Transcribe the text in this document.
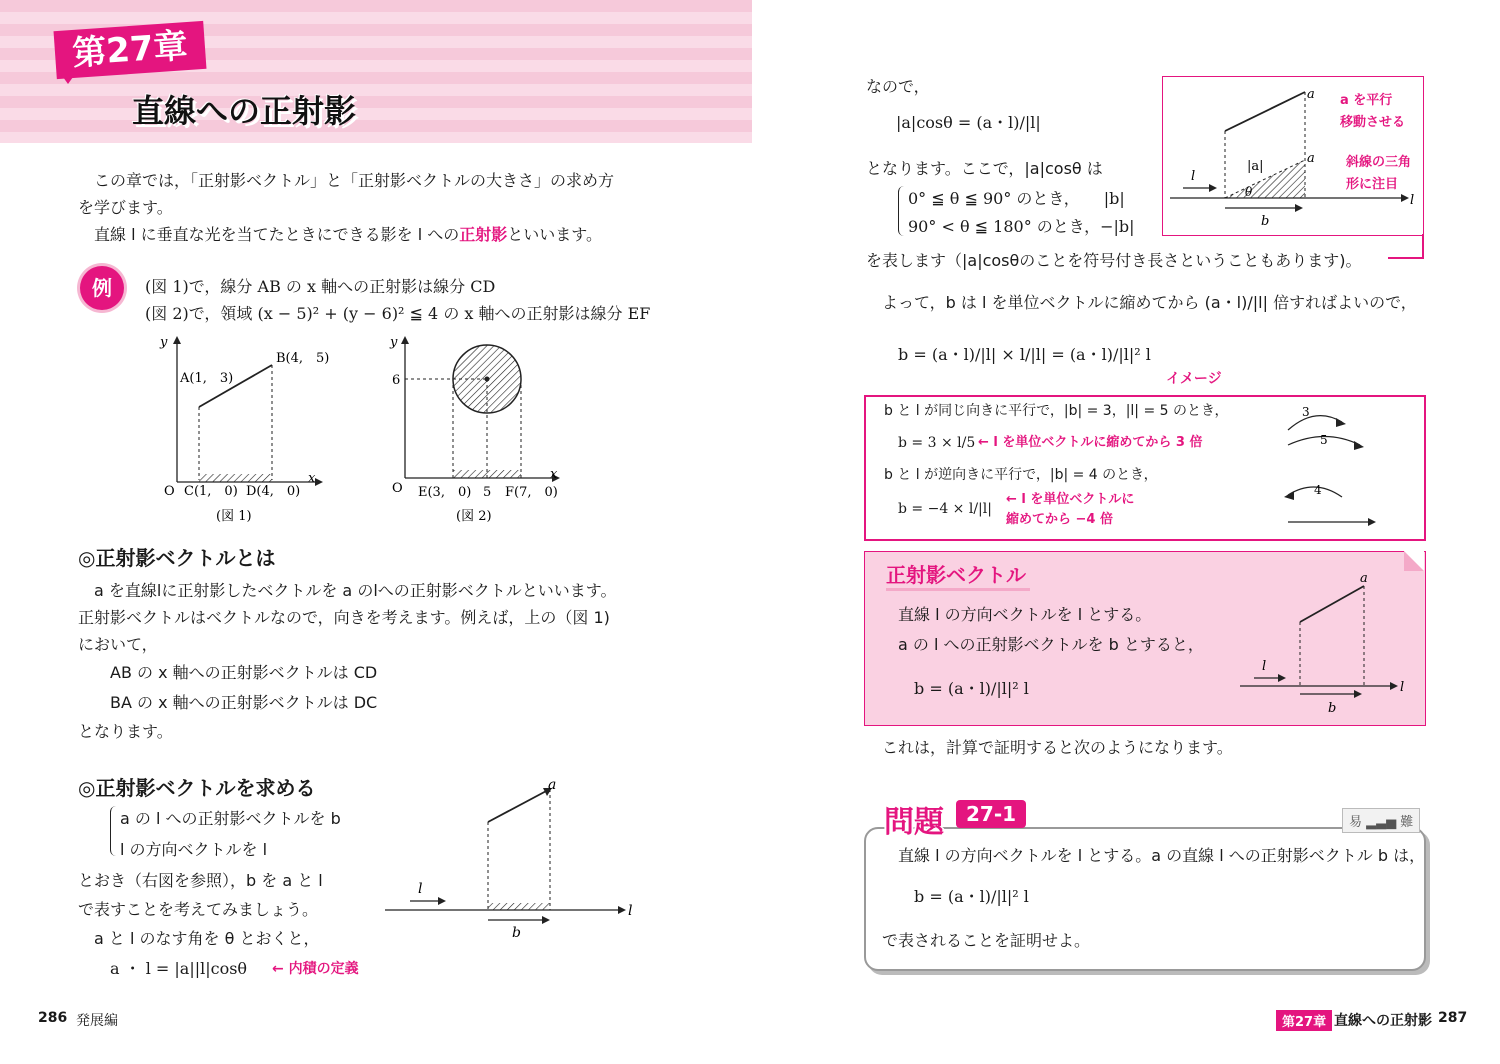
第27章
直線への正射影
この章では，「正射影ベクトル」と「正射影ベクトルの大きさ」の求め方
を学びます。
直線 l に垂直な光を当てたときにできる影を l への正射影といいます。
例	(図 1)で，線分 AB の x 軸への正射影は線分 CD
(図 2)で，領域 (x − 5)² + (y − 6)² ≦ 4 の x 軸への正射影は線分 EF
y
x
O
A(1,　3)
B(4,　5)
C(1,　0) D(4,　0)
(図 1)
y
x
O
6
E(3,　0) 5 F(7,　0)
(図 2)
◎正射影ベクトルとは
a を直線lに正射影したベクトルを a のlへの正射影ベクトルといいます。
正射影ベクトルはベクトルなので，向きを考えます。例えば，上の（図 1)
において，
AB の x 軸への正射影ベクトルは CD
BA の x 軸への正射影ベクトルは DC
となります。
◎正射影ベクトルを求める
a の l への正射影ベクトルを b
l の方向ベクトルを l
とおき（右図を参照），b を a と l
で表すことを考えてみましょう。
a と l のなす角を θ とおくと，
a ・ l = |a||l|cosθ ← 内積の定義
a
l
b
l
なので，
|a|cosθ = (a・l)/|l|
となります。ここで，|a|cosθ は
0° ≦ θ ≦ 90° のとき，　　|b|
90° < θ ≦ 180° のとき，−|b|
を表します（|a|cosθのことを符号付き長さということもあります)。
a
a
|a|
θ
l
b
l
a を平行
移動させる
斜線の三角
形に注目
よって，b は l を単位ベクトルに縮めてから (a・l)/|l| 倍すればよいので，
b = (a・l)/|l| × l/|l| = (a・l)/|l|² l
イメージ
b と l が同じ向きに平行で，|b| = 3，|l| = 5 のとき，
b = 3 × l/5 ← l を単位ベクトルに縮めてから 3 倍
b と l が逆向きに平行で，|b| = 4 のとき，
b = −4 × l/|l|
← l を単位ベクトルに
縮めてから −4 倍
3
5
4
正射影ベクトル
直線 l の方向ベクトルを l とする。
a の l への正射影ベクトルを b とすると，
b = (a・l)/|l|² l
a
l
b
l
これは，計算で証明すると次のようになります。
問題	27-1	易 ▂▃▅ 難
直線 l の方向ベクトルを l とする。a の直線 l への正射影ベクトル b は，
b = (a・l)/|l|² l
で表されることを証明せよ。
286 発展編	第27章 直線への正射影 287
